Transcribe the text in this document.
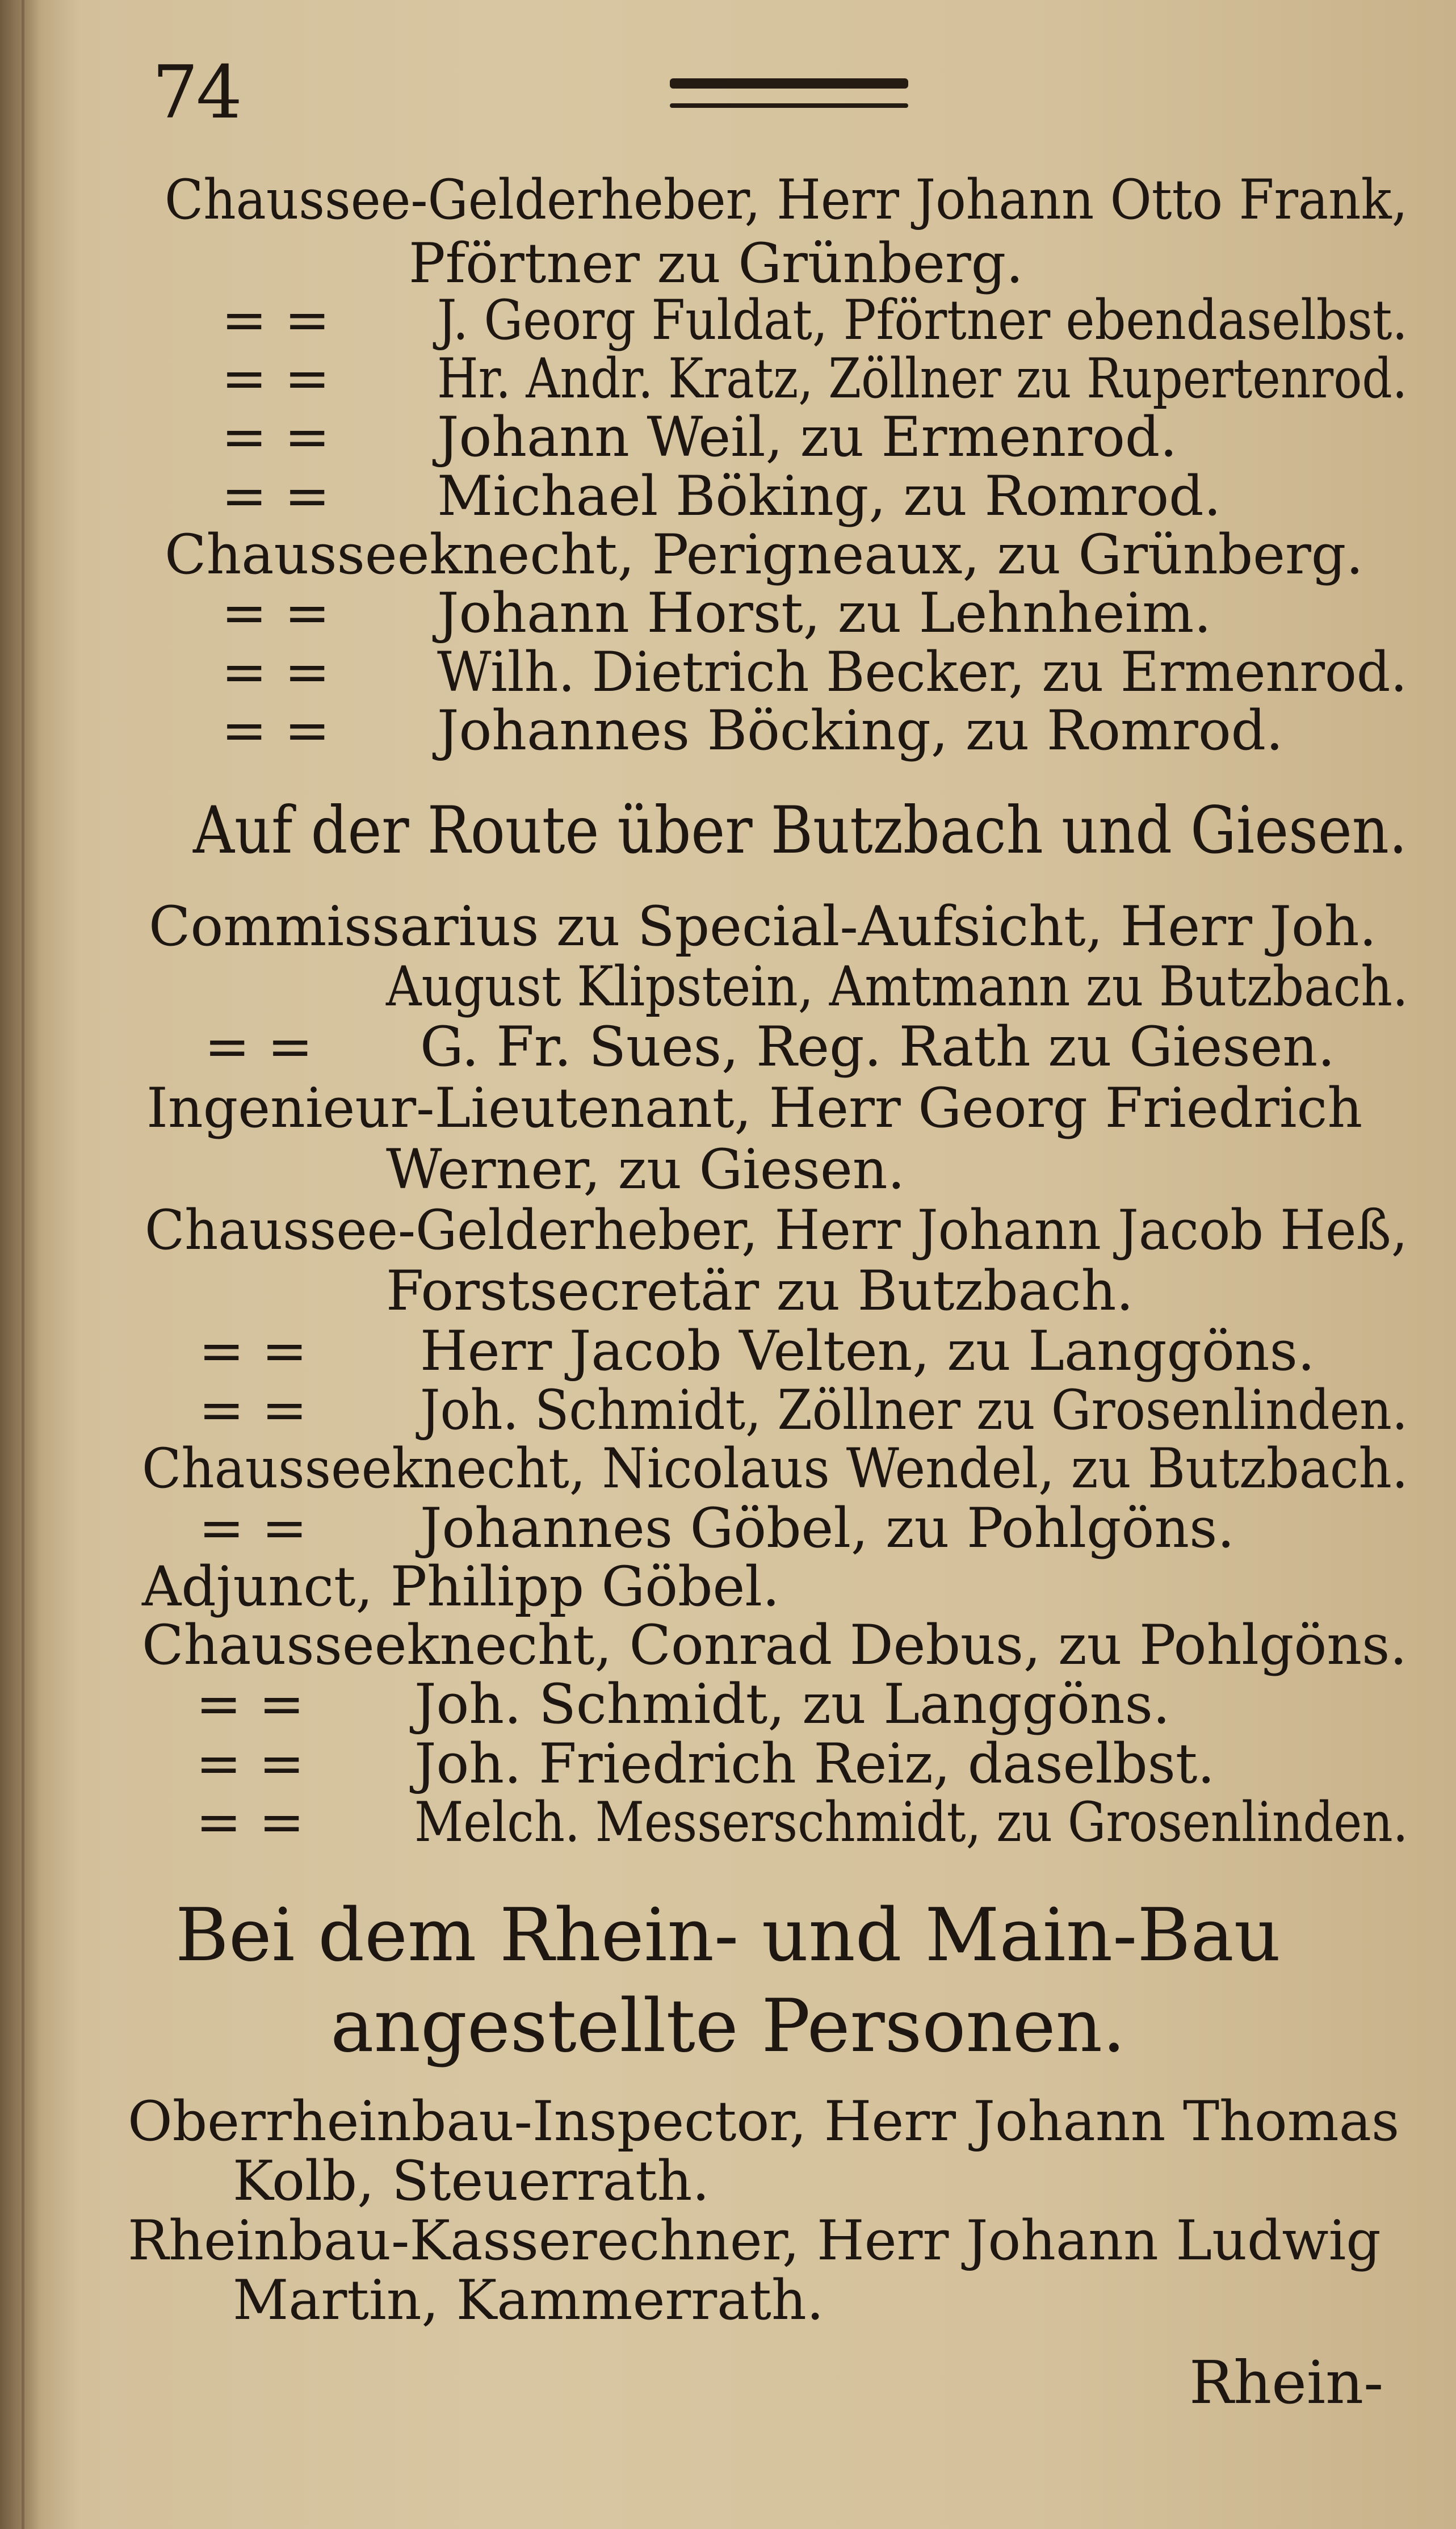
74
Chaussee-Gelderheber, Herr Johann Otto Frank,
Pförtner zu Grünberg.
= = J. Georg Fuldat, Pförtner ebendaselbst.
= = Hr. Andr. Kratz, Zöllner zu Rupertenrod.
= = Johann Weil, zu Ermenrod.
= = Michael Böking, zu Romrod.
Chausseeknecht, Perigneaux, zu Grünberg.
= = Johann Horst, zu Lehnheim.
= = Wilh. Dietrich Becker, zu Ermenrod.
= = Johannes Böcking, zu Romrod.
Auf der Route über Butzbach und Giesen.
Commissarius zu Special-Aufsicht, Herr Joh.
August Klipstein, Amtmann zu Butzbach.
= = G. Fr. Sues, Reg. Rath zu Giesen.
Ingenieur-Lieutenant, Herr Georg Friedrich
Werner, zu Giesen.
Chaussee-Gelderheber, Herr Johann Jacob Heß,
Forstsecretär zu Butzbach.
= = Herr Jacob Velten, zu Langgöns.
= = Joh. Schmidt, Zöllner zu Grosenlinden.
Chausseeknecht, Nicolaus Wendel, zu Butzbach.
= = Johannes Göbel, zu Pohlgöns.
Adjunct, Philipp Göbel.
Chausseeknecht, Conrad Debus, zu Pohlgöns.
= = Joh. Schmidt, zu Langgöns.
= = Joh. Friedrich Reiz, daselbst.
= = Melch. Messerschmidt, zu Grosenlinden.
Bei dem Rhein- und Main-Bau
angestellte Personen.
Oberrheinbau-Inspector, Herr Johann Thomas
Kolb, Steuerrath.
Rheinbau-Kasserechner, Herr Johann Ludwig
Martin, Kammerrath.
Rhein-
